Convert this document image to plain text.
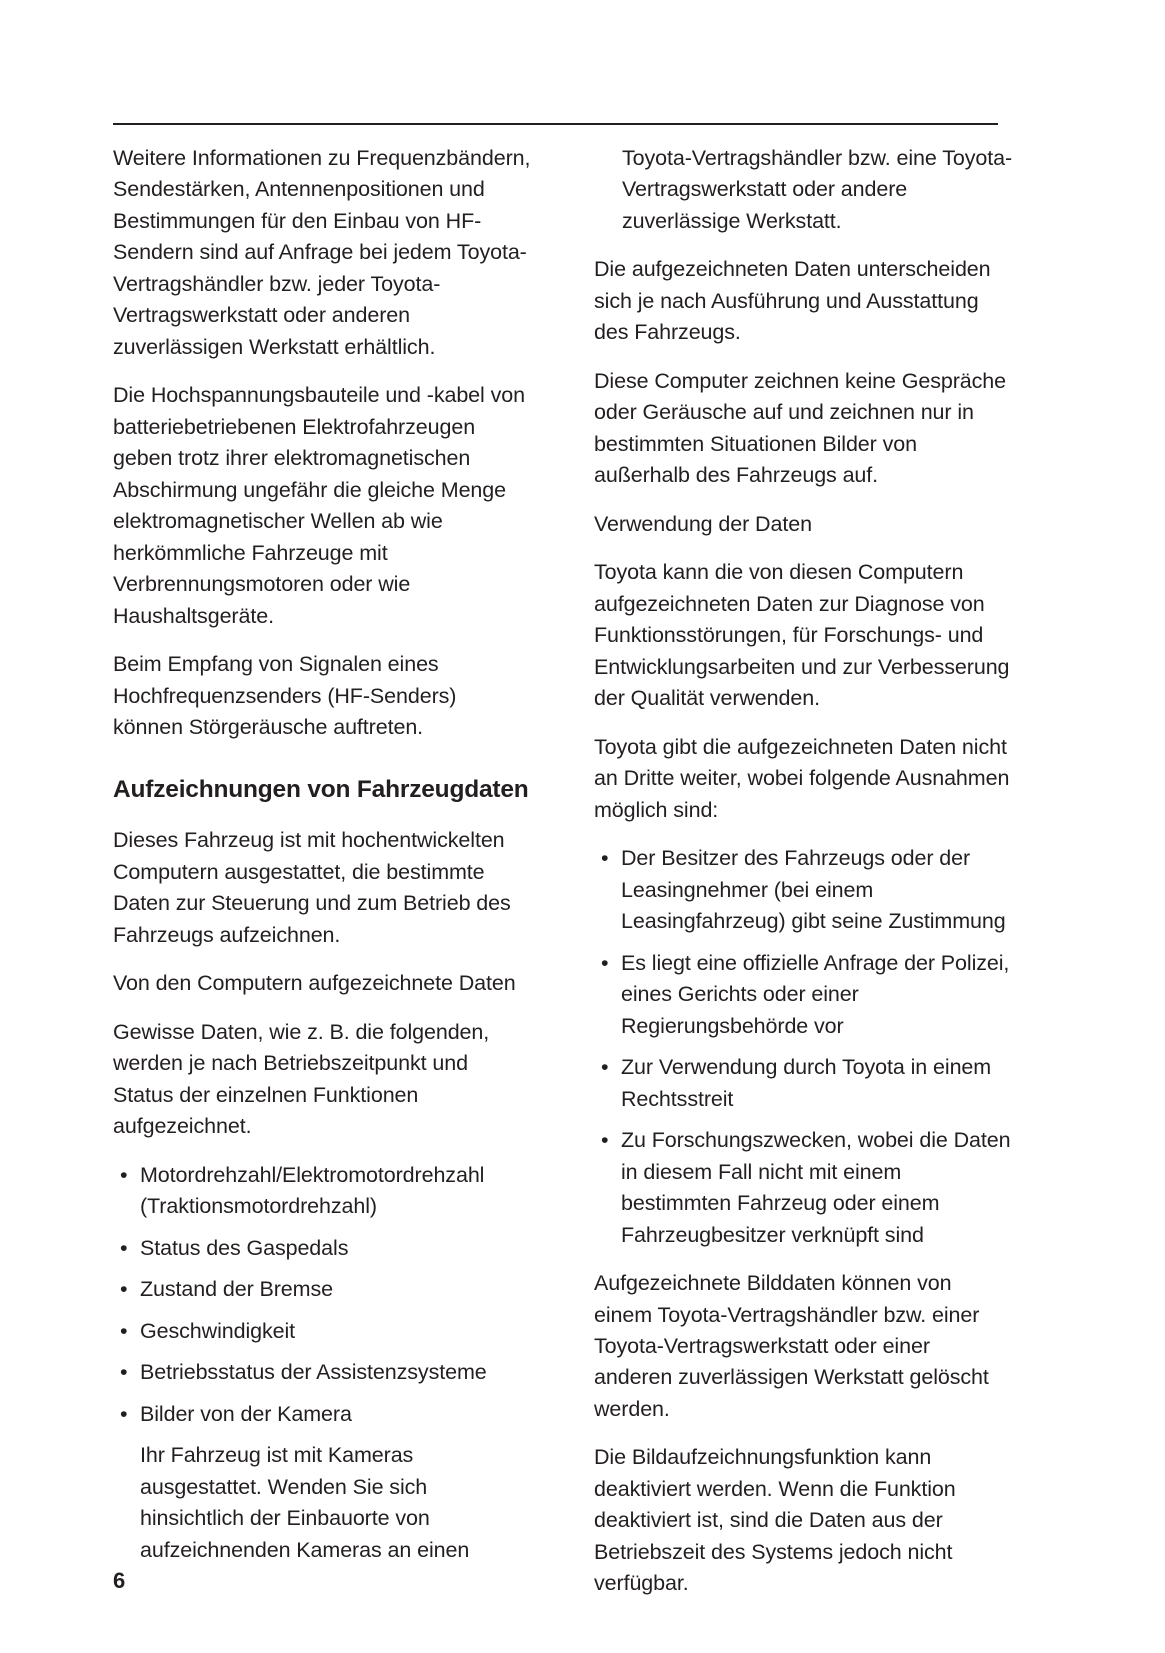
Weitere Informationen zu Frequenzbändern, Sendestärken, Antennenpositionen und Bestimmungen für den Einbau von HF-Sendern sind auf Anfrage bei jedem Toyota-Vertragshändler bzw. jeder Toyota-Vertragswerkstatt oder anderen zuverlässigen Werkstatt erhältlich.

Die Hochspannungsbauteile und -kabel von batteriebetriebenen Elektrofahrzeugen geben trotz ihrer elektromagnetischen Abschirmung ungefähr die gleiche Menge elektromagnetischer Wellen ab wie herkömmliche Fahrzeuge mit Verbrennungsmotoren oder wie Haushaltsgeräte.

Beim Empfang von Signalen eines Hochfrequenzsenders (HF-Senders) können Störgeräusche auftreten.

Aufzeichnungen von Fahrzeugdaten

Dieses Fahrzeug ist mit hochentwickelten Computern ausgestattet, die bestimmte Daten zur Steuerung und zum Betrieb des Fahrzeugs aufzeichnen.

Von den Computern aufgezeichnete Daten

Gewisse Daten, wie z. B. die folgenden, werden je nach Betriebszeitpunkt und Status der einzelnen Funktionen aufgezeichnet.

• Motordrehzahl/Elektromotordrehzahl (Traktionsmotordrehzahl)
• Status des Gaspedals
• Zustand der Bremse
• Geschwindigkeit
• Betriebsstatus der Assistenzsysteme
• Bilder von der Kamera
Ihr Fahrzeug ist mit Kameras ausgestattet. Wenden Sie sich hinsichtlich der Einbauorte von aufzeichnenden Kameras an einen

Toyota-Vertragshändler bzw. eine Toyota-Vertragswerkstatt oder andere zuverlässige Werkstatt.

Die aufgezeichneten Daten unterscheiden sich je nach Ausführung und Ausstattung des Fahrzeugs.

Diese Computer zeichnen keine Gespräche oder Geräusche auf und zeichnen nur in bestimmten Situationen Bilder von außerhalb des Fahrzeugs auf.

Verwendung der Daten

Toyota kann die von diesen Computern aufgezeichneten Daten zur Diagnose von Funktionsstörungen, für Forschungs- und Entwicklungsarbeiten und zur Verbesserung der Qualität verwenden.

Toyota gibt die aufgezeichneten Daten nicht an Dritte weiter, wobei folgende Ausnahmen möglich sind:

• Der Besitzer des Fahrzeugs oder der Leasingnehmer (bei einem Leasingfahrzeug) gibt seine Zustimmung
• Es liegt eine offizielle Anfrage der Polizei, eines Gerichts oder einer Regierungsbehörde vor
• Zur Verwendung durch Toyota in einem Rechtsstreit
• Zu Forschungszwecken, wobei die Daten in diesem Fall nicht mit einem bestimmten Fahrzeug oder einem Fahrzeugbesitzer verknüpft sind

Aufgezeichnete Bilddaten können von einem Toyota-Vertragshändler bzw. einer Toyota-Vertragswerkstatt oder einer anderen zuverlässigen Werkstatt gelöscht werden.

Die Bildaufzeichnungsfunktion kann deaktiviert werden. Wenn die Funktion deaktiviert ist, sind die Daten aus der Betriebszeit des Systems jedoch nicht verfügbar.

6
